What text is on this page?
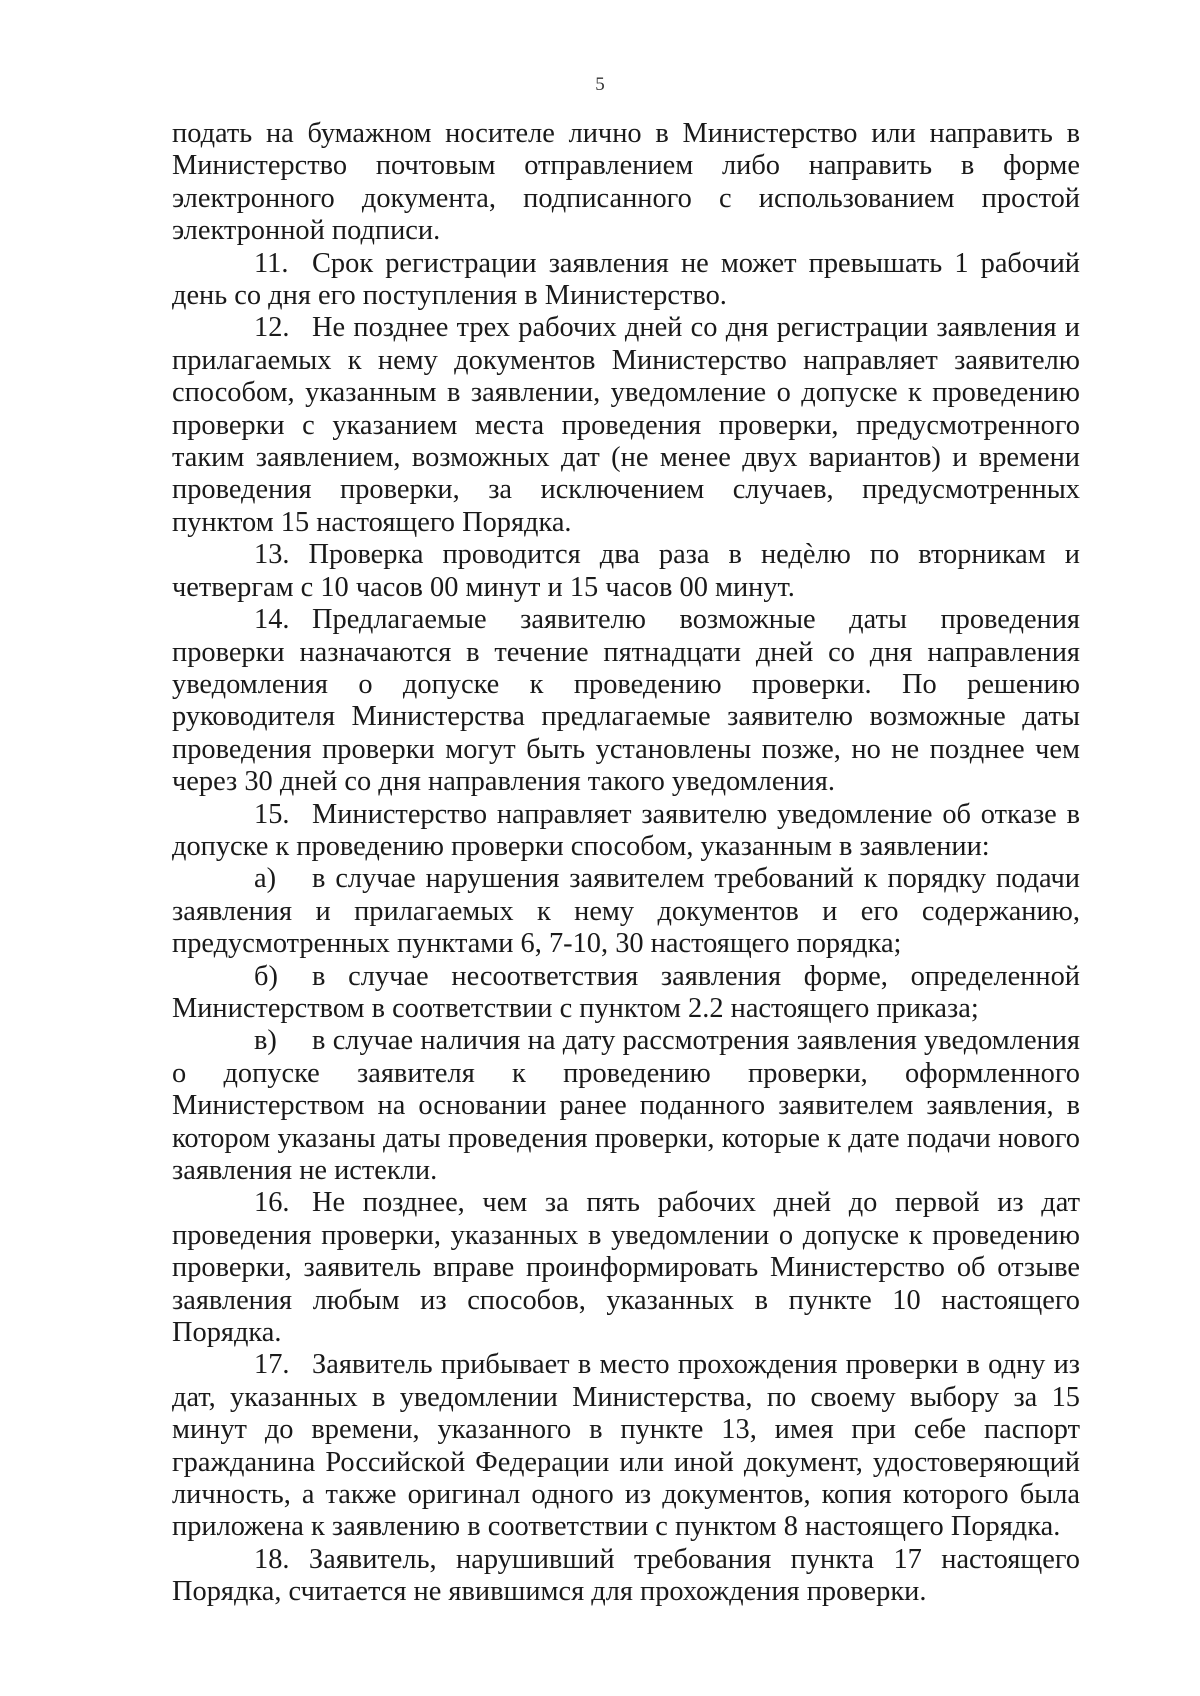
5

подать на бумажном носителе лично в Министерство или направить в Министерство почтовым отправлением либо направить в форме электронного документа, подписанного с использованием простой электронной подписи.

11. Срок регистрации заявления не может превышать 1 рабочий день со дня его поступления в Министерство.

12. Не позднее трех рабочих дней со дня регистрации заявления и прилагаемых к нему документов Министерство направляет заявителю способом, указанным в заявлении, уведомление о допуске к проведению проверки с указанием места проведения проверки, предусмотренного таким заявлением, возможных дат (не менее двух вариантов) и времени проведения проверки, за исключением случаев, предусмотренных пунктом 15 настоящего Порядка.

13. Проверка проводится два раза в недѐлю по вторникам и четвергам с 10 часов 00 минут и 15 часов 00 минут.

14. Предлагаемые заявителю возможные даты проведения проверки назначаются в течение пятнадцати дней со дня направления уведомления о допуске к проведению проверки. По решению руководителя Министерства предлагаемые заявителю возможные даты проведения проверки могут быть установлены позже, но не позднее чем через 30 дней со дня направления такого уведомления.

15. Министерство направляет заявителю уведомление об отказе в допуске к проведению проверки способом, указанным в заявлении:

а) в случае нарушения заявителем требований к порядку подачи заявления и прилагаемых к нему документов и его содержанию, предусмотренных пунктами 6, 7-10, 30 настоящего порядка;

б) в случае несоответствия заявления форме, определенной Министерством в соответствии с пунктом 2.2 настоящего приказа;

в) в случае наличия на дату рассмотрения заявления уведомления о допуске заявителя к проведению проверки, оформленного Министерством на основании ранее поданного заявителем заявления, в котором указаны даты проведения проверки, которые к дате подачи нового заявления не истекли.

16. Не позднее, чем за пять рабочих дней до первой из дат проведения проверки, указанных в уведомлении о допуске к проведению проверки, заявитель вправе проинформировать Министерство об отзыве заявления любым из способов, указанных в пункте 10 настоящего Порядка.

17. Заявитель прибывает в место прохождения проверки в одну из дат, указанных в уведомлении Министерства, по своему выбору за 15 минут до времени, указанного в пункте 13, имея при себе паспорт гражданина Российской Федерации или иной документ, удостоверяющий личность, а также оригинал одного из документов, копия которого была приложена к заявлению в соответствии с пунктом 8 настоящего Порядка.

18. Заявитель, нарушивший требования пункта 17 настоящего Порядка, считается не явившимся для прохождения проверки.
